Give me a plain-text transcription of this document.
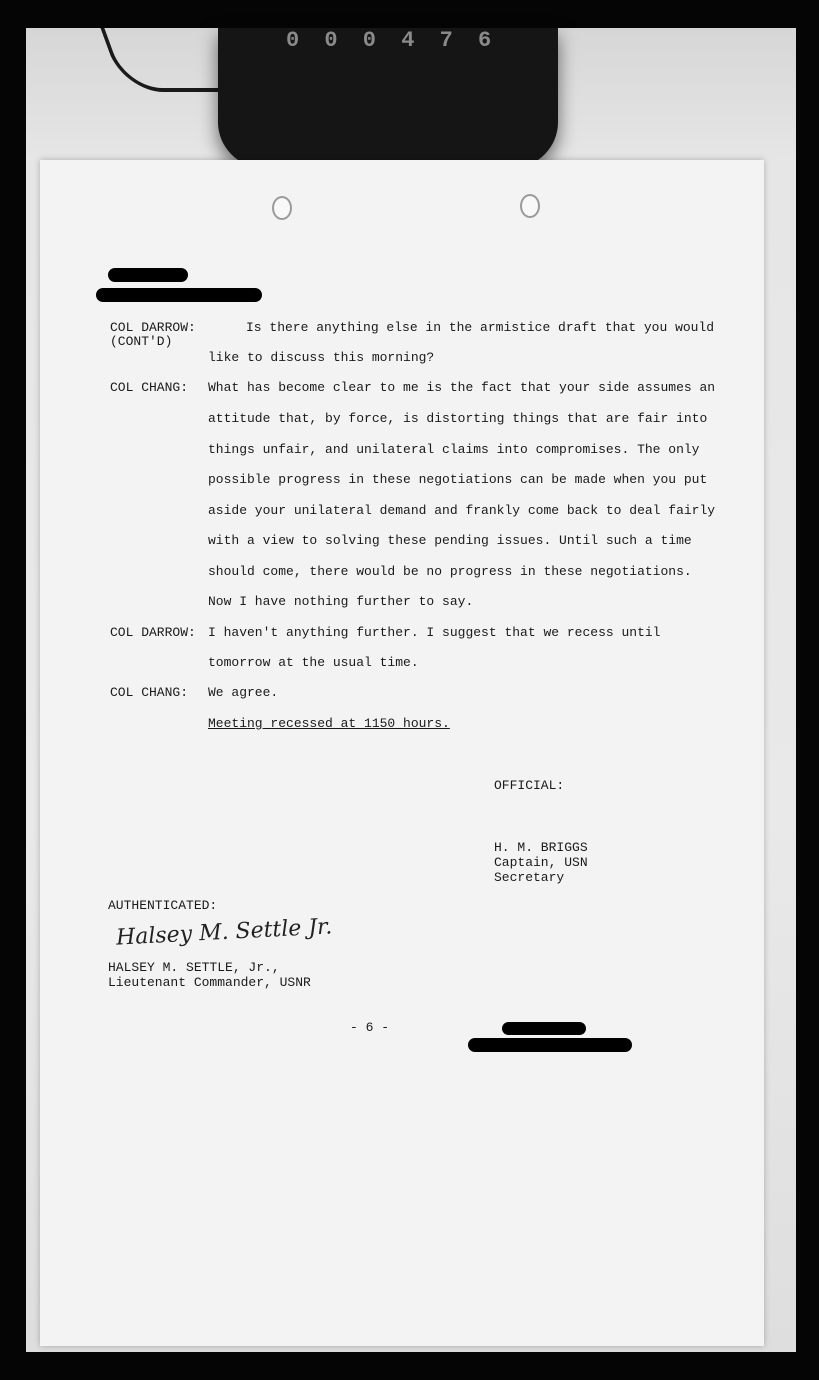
0 0 0 4 7 6
COL DARROW:
(CONT'D)
Is there anything else in the armistice draft that you would
like to discuss this morning?
COL CHANG: What has become clear to me is the fact that your side assumes an
attitude that, by force, is distorting things that are fair into
things unfair, and unilateral claims into compromises. The only
possible progress in these negotiations can be made when you put
aside your unilateral demand and frankly come back to deal fairly
with a view to solving these pending issues. Until such a time
should come, there would be no progress in these negotiations.
Now I have nothing further to say.
COL DARROW: I haven't anything further. I suggest that we recess until
tomorrow at the usual time.
COL CHANG: We agree.
Meeting recessed at 1150 hours.
OFFICIAL:
H. M. BRIGGS
Captain, USN
Secretary
AUTHENTICATED:
Halsey M. Settle Jr.
HALSEY M. SETTLE, Jr.,
Lieutenant Commander, USNR
- 6 -
